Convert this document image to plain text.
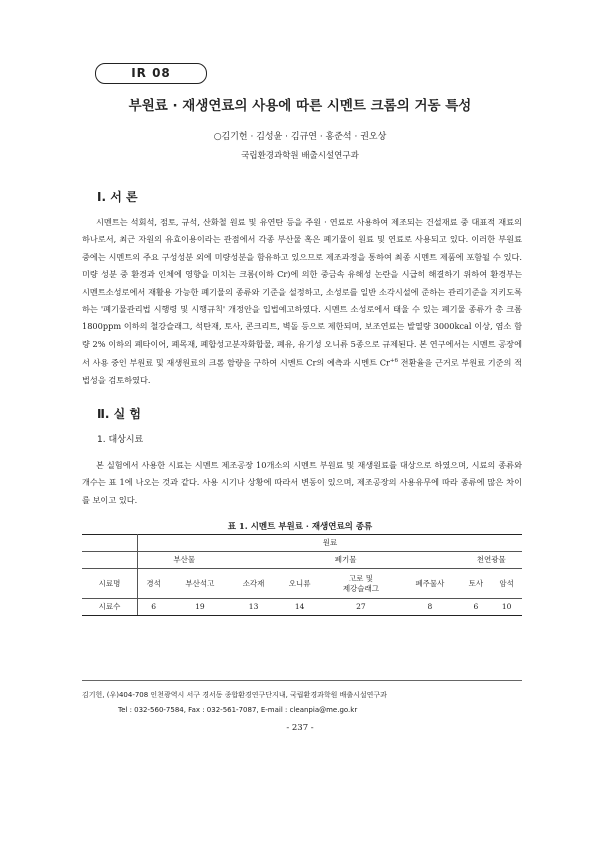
IR 08
부원료 · 재생연료의 사용에 따른 시멘트 크롬의 거동 특성
○김기헌 · 김성윤 · 김규연 · 홍준석 · 권오상
국립환경과학원 배출시설연구과
Ⅰ. 서 론

시멘트는 석회석, 점토, 규석, 산화철 원료 및 유연탄 등을 주원 · 연료로 사용하여 제조되는 건설재료 중 대표적 재료의 하나로서, 최근 자원의 유효이용이라는 관점에서 각종 부산물 혹은 폐기물이 원료 및 연료로 사용되고 있다. 이러한 부원료 중에는 시멘트의 주요 구성성분 외에 미량성분을 함유하고 있으므로 제조과정을 통하여 최종 시멘트 제품에 포함될 수 있다. 미량 성분 중 환경과 인체에 영향을 미치는 크롬(이하 Cr)에 의한 중금속 유해성 논란을 시급히 해결하기 위하여 환경부는 시멘트소성로에서 재활용 가능한 폐기물의 종류와 기준을 설정하고, 소성로를 일반 소각시설에 준하는 관리기준을 지키도록 하는 '폐기물관리법 시행령 및 시행규칙' 개정안을 입법예고하였다. 시멘트 소성로에서 태울 수 있는 폐기물 종류가 총 크롬 1800ppm 이하의 철강슬래그, 석탄재, 토사, 콘크리트, 벽돌 등으로 제한되며, 보조연료는 발열량 3000kcal 이상, 염소 함량 2% 이하의 폐타이어, 폐목재, 폐합성고분자화합물, 폐유, 유기성 오니류 5종으로 규제된다. 본 연구에서는 시멘트 공장에서 사용 중인 부원료 및 재생원료의 크롬 함량을 구하여 시멘트 Cr의 예측과 시멘트 $Cr^{+6}$ 전환율을 근거로 부원료 기준의 적법성을 검토하였다.

Ⅱ. 실 험
1. 대상시료

본 실험에서 사용한 시료는 시멘트 제조공장 10개소의 시멘트 부원료 및 재생원료를 대상으로 하였으며, 시료의 종류와 개수는 표 1에 나오는 것과 같다. 사용 시기나 상황에 따라서 변동이 있으며, 제조공장의 사용유무에 따라 종류에 많은 차이를 보이고 있다.

표 1. 시멘트 부원료 · 재생연료의 종류
	원료							
	부산물		폐기물				천연광물	
시료명	경석	부산석고	소각재	오니류	고로 및
제강슬래그	폐주물사	토사	암석
시료수	6	19	13	14	27	8	6	10
김기헌, (우)404-708 인천광역시 서구 경서동 종합환경연구단지내, 국립환경과학원 배출시설연구과
Tel : 032-560-7584, Fax : 032-561-7087, E-mail : cleanpia@me.go.kr
- 237 -
